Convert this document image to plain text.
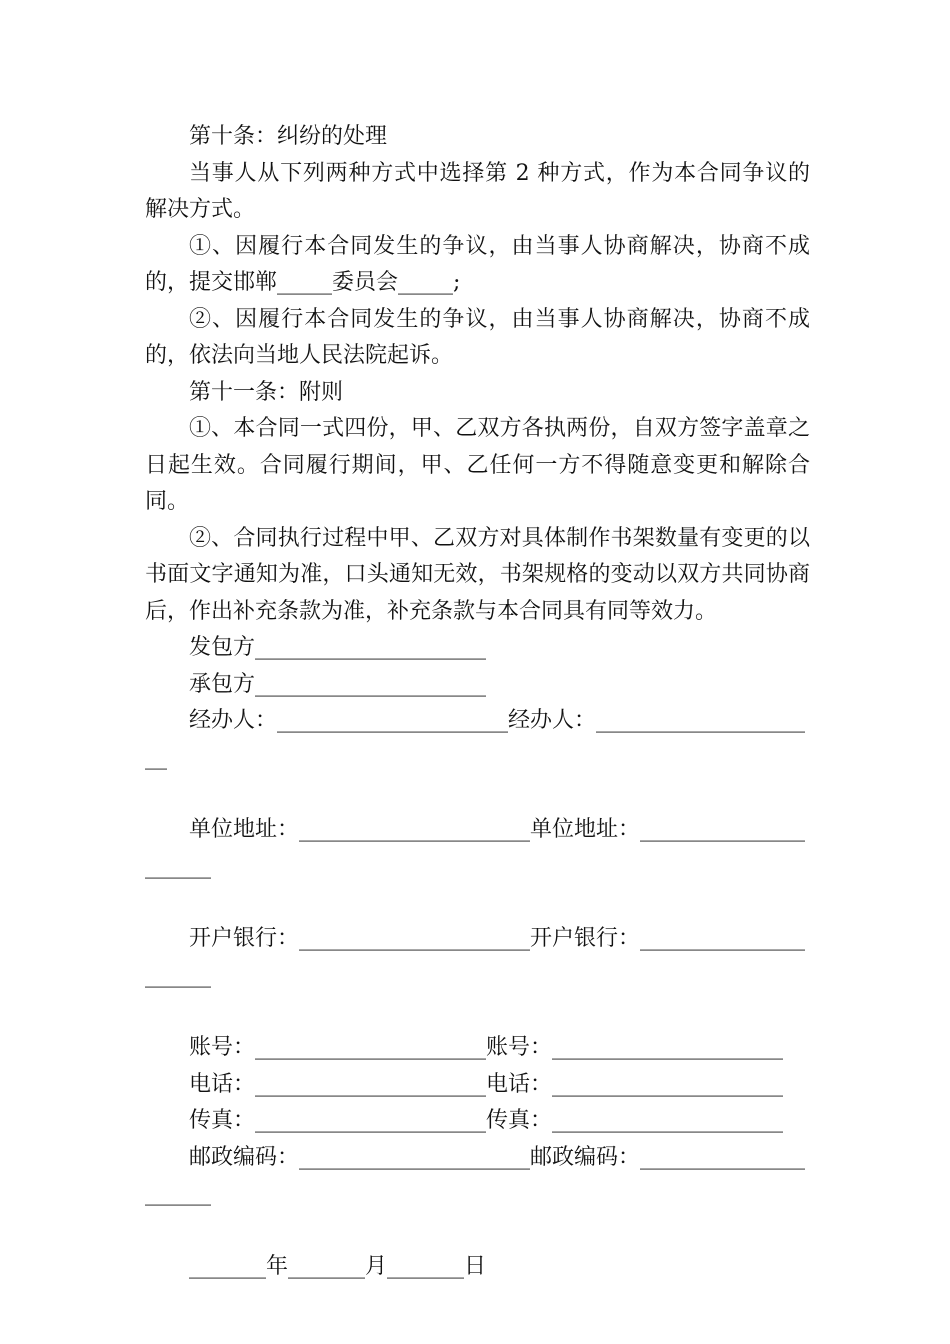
第十条：纠纷的处理

当事人从下列两种方式中选择第 2 种方式，作为本合同争议的解决方式。

①、因履行本合同发生的争议，由当事人协商解决，协商不成的，提交邯郸_____委员会_____;

②、因履行本合同发生的争议，由当事人协商解决，协商不成的，依法向当地人民法院起诉。

第十一条：附则

①、本合同一式四份，甲、乙双方各执两份，自双方签字盖章之日起生效。合同履行期间，甲、乙任何一方不得随意变更和解除合同。

②、合同执行过程中甲、乙双方对具体制作书架数量有变更的以书面文字通知为准，口头通知无效，书架规格的变动以双方共同协商后，作出补充条款为准，补充条款与本合同具有同等效力。

发包方_____________________

承包方_____________________

经办人：_____________________经办人：_____________________

单位地址：_____________________单位地址：_____________________

开户银行：_____________________开户银行：_____________________

账号：_____________________账号：_____________________

电话：_____________________电话：_____________________

传真：_____________________传真：_____________________

邮政编码：_____________________邮政编码：_____________________

_______年_______月_______日
